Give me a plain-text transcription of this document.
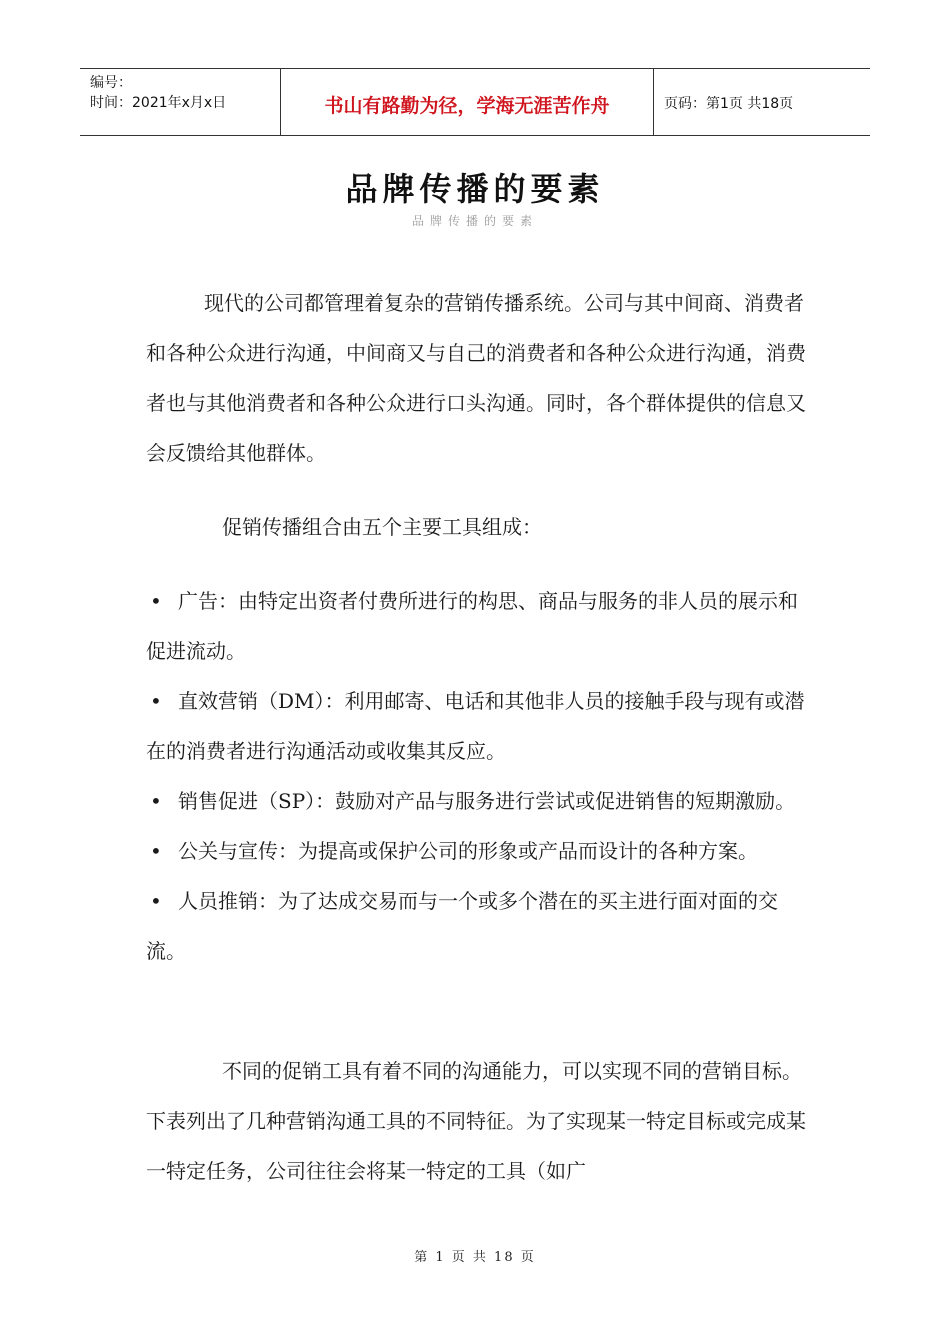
编号：
时间：2021年x月x日	书山有路勤为径，学海无涯苦作舟	页码：第1页 共18页
品牌传播的要素
品牌传播的要素

现代的公司都管理着复杂的营销传播系统。公司与其中间商、消费者和各种公众进行沟通，中间商又与自己的消费者和各种公众进行沟通，消费者也与其他消费者和各种公众进行口头沟通。同时，各个群体提供的信息又会反馈给其他群体。

促销传播组合由五个主要工具组成：

• 广告：由特定出资者付费所进行的构思、商品与服务的非人员的展示和促进流动。

• 直效营销（DM）：利用邮寄、电话和其他非人员的接触手段与现有或潜在的消费者进行沟通活动或收集其反应。

• 销售促进（SP）：鼓励对产品与服务进行尝试或促进销售的短期激励。

• 公关与宣传：为提高或保护公司的形象或产品而设计的各种方案。

• 人员推销：为了达成交易而与一个或多个潜在的买主进行面对面的交流。

不同的促销工具有着不同的沟通能力，可以实现不同的营销目标。下表列出了几种营销沟通工具的不同特征。为了实现某一特定目标或完成某一特定任务，公司往往会将某一特定的工具（如广

第 1 页 共 18 页
